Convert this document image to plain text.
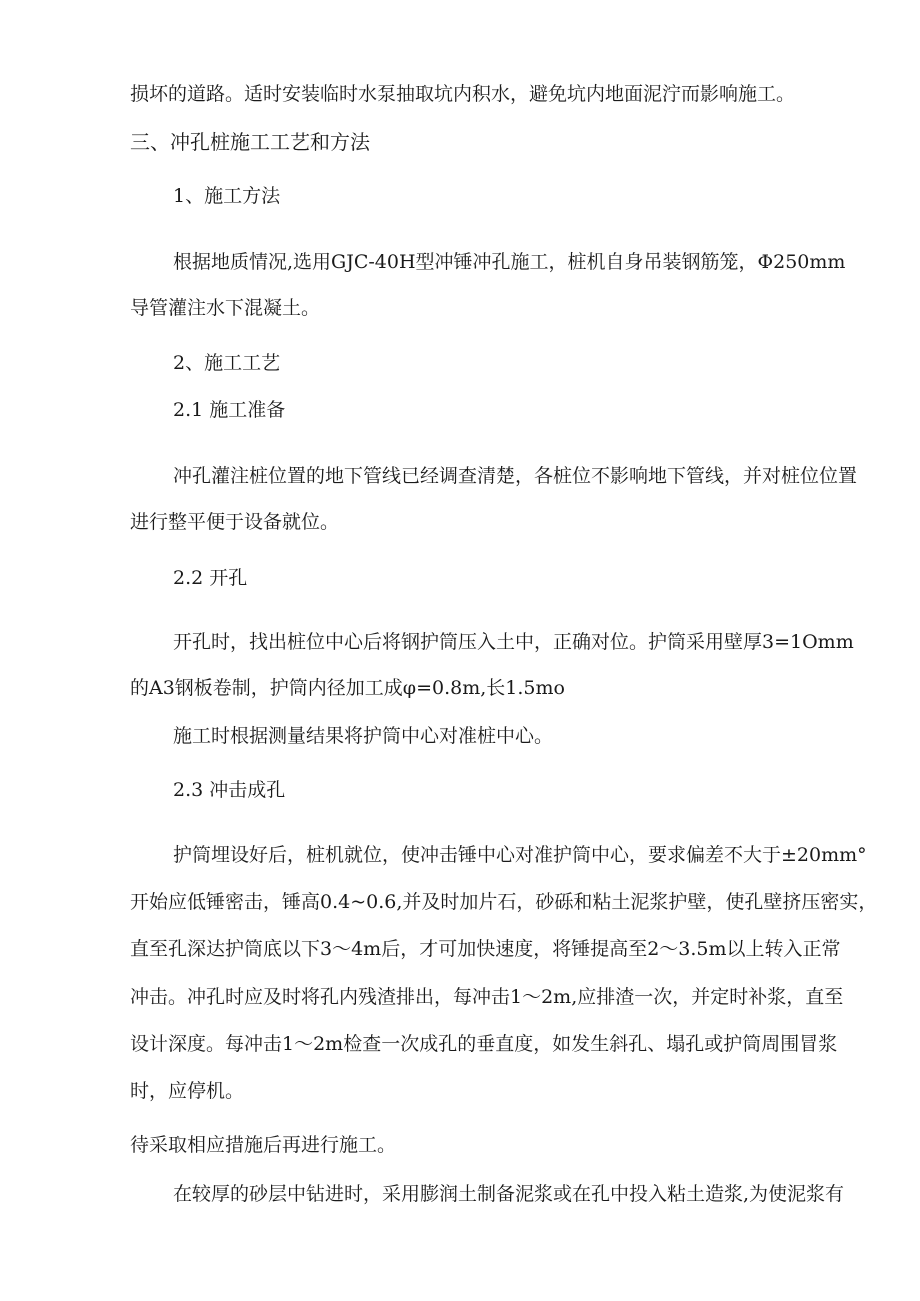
损坏的道路。适时安装临时水泵抽取坑内积水，避免坑内地面泥泞而影响施工。

三、冲孔桩施工工艺和方法

1、施工方法

根据地质情况,选用GJC-40H型冲锤冲孔施工，桩机自身吊装钢筋笼，Φ250mm

导管灌注水下混凝土。

2、施工工艺

2.1 施工准备

冲孔灌注桩位置的地下管线已经调查清楚，各桩位不影响地下管线，并对桩位位置

进行整平便于设备就位。

2.2 开孔

开孔时，找出桩位中心后将钢护筒压入土中，正确对位。护筒采用壁厚3=1Omm

的A3钢板卷制，护筒内径加工成φ=0.8m,长1.5mo

施工时根据测量结果将护筒中心对准桩中心。

2.3 冲击成孔

护筒埋设好后，桩机就位，使冲击锤中心对准护筒中心，要求偏差不大于±20mm°

开始应低锤密击，锤高0.4~0.6,并及时加片石，砂砾和粘土泥浆护壁，使孔壁挤压密实，

直至孔深达护筒底以下3～4m后，才可加快速度，将锤提高至2～3.5m以上转入正常

冲击。冲孔时应及时将孔内残渣排出，每冲击1～2m,应排渣一次，并定时补浆，直至

设计深度。每冲击1～2m检查一次成孔的垂直度，如发生斜孔、塌孔或护筒周围冒浆

时，应停机。

待采取相应措施后再进行施工。

在较厚的砂层中钻进时，采用膨润土制备泥浆或在孔中投入粘土造浆,为使泥浆有
